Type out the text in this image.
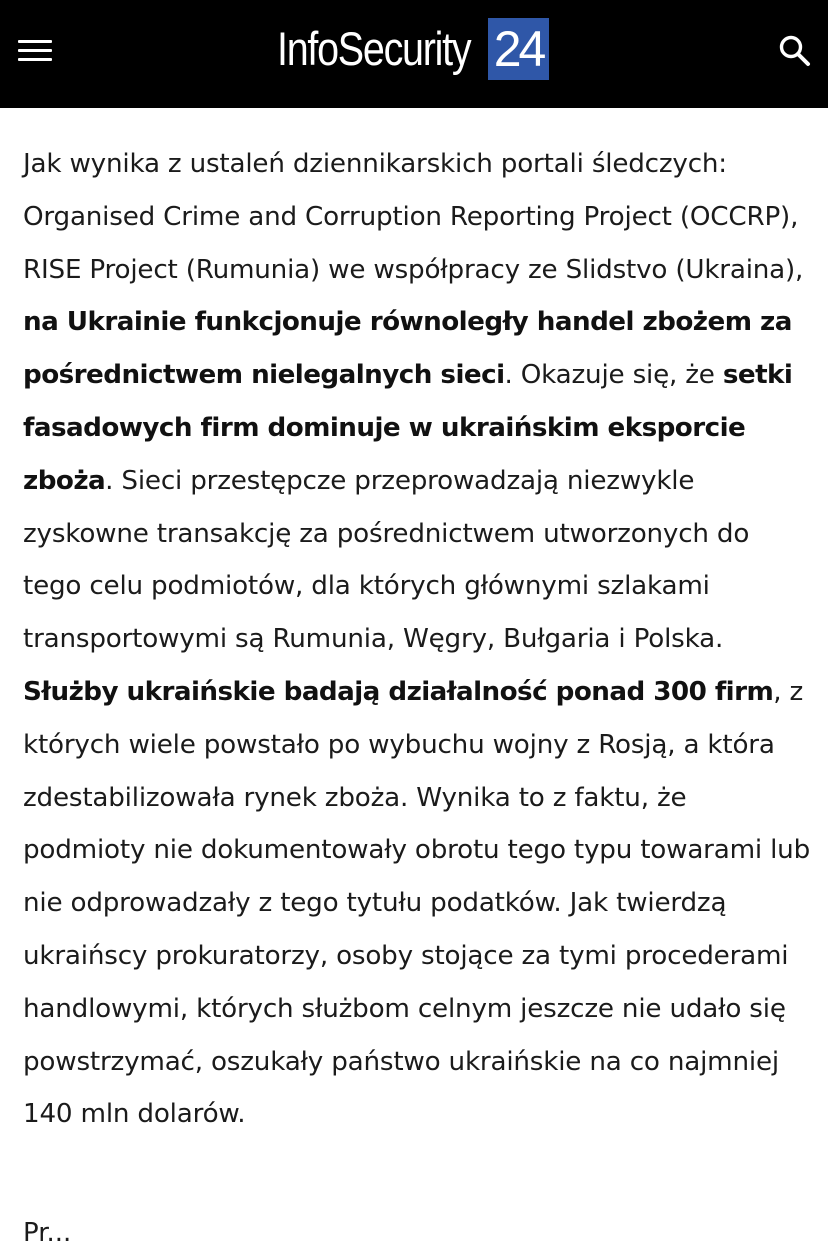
InfoSecurity 24

Jak wynika z ustaleń dziennikarskich portali śledczych: Organised Crime and Corruption Reporting Project (OCCRP), RISE Project (Rumunia) we współpracy ze Slidstvo (Ukraina), na Ukrainie funkcjonuje równoległy handel zbożem za pośrednictwem nielegalnych sieci. Okazuje się, że setki fasadowych firm dominuje w ukraińskim eksporcie zboża. Sieci przestępcze przeprowadzają niezwykle zyskowne transakcję za pośrednictwem utworzonych do tego celu podmiotów, dla których głównymi szlakami transportowymi są Rumunia, Węgry, Bułgaria i Polska. Służby ukraińskie badają działalność ponad 300 firm, z których wiele powstało po wybuchu wojny z Rosją, a która zdestabilizowała rynek zboża. Wynika to z faktu, że podmioty nie dokumentowały obrotu tego typu towarami lub nie odprowadzały z tego tytułu podatków. Jak twierdzą ukraińscy prokuratorzy, osoby stojące za tymi procederami handlowymi, których służbom celnym jeszcze nie udało się powstrzymać, oszukały państwo ukraińskie na co najmniej 140 mln dolarów.

Pr...
